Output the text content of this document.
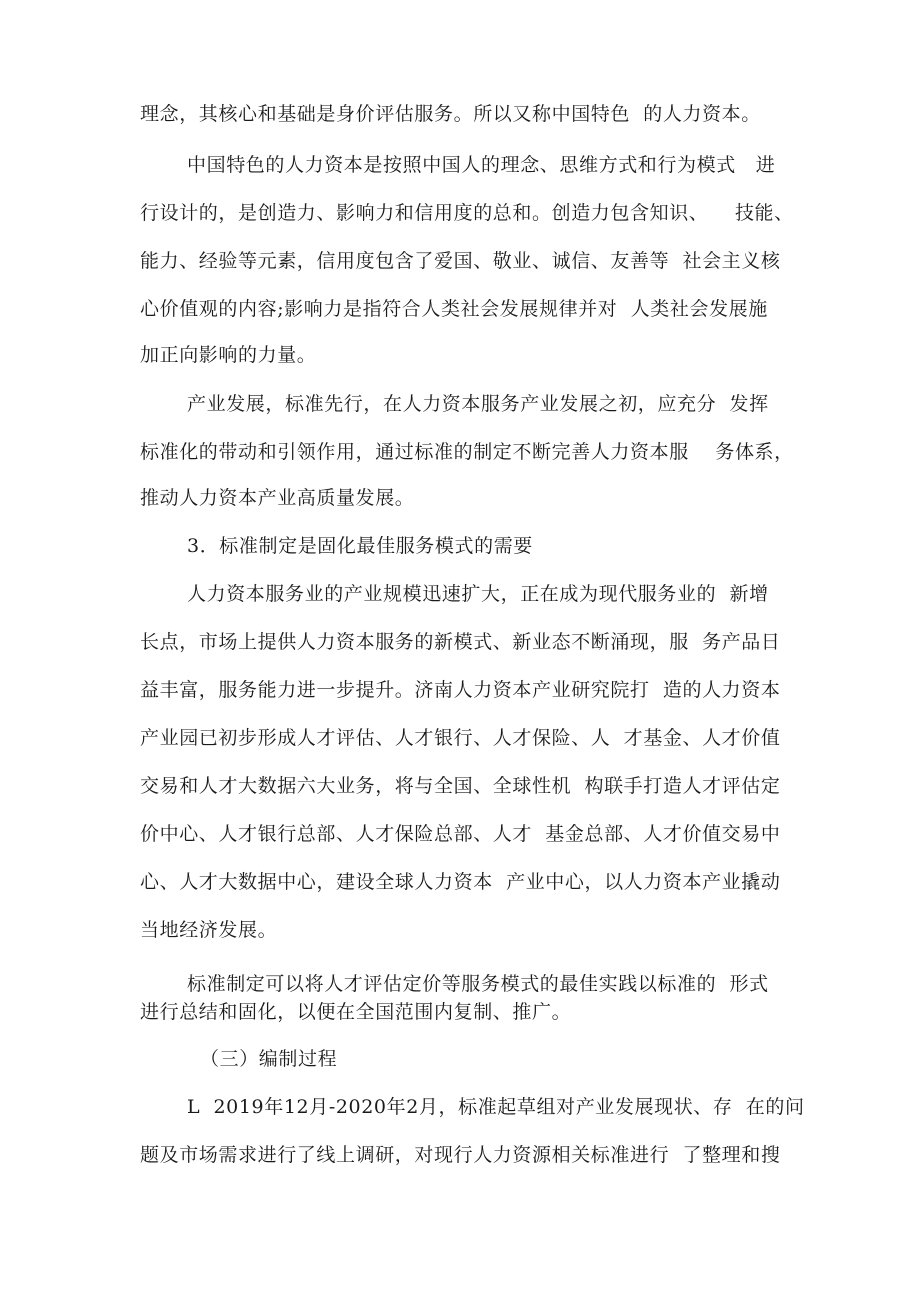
理念，其核心和基础是身价评估服务。所以又称中国特色  的人力资本。
中国特色的人力资本是按照中国人的理念、思维方式和行为模式   进
行设计的，是创造力、影响力和信用度的总和。创造力包含知识、    技能、
能力、经验等元素，信用度包含了爱国、敬业、诚信、友善等  社会主义核
心价值观的内容;影响力是指符合人类社会发展规律并对  人类社会发展施
加正向影响的力量。
产业发展，标准先行，在人力资本服务产业发展之初，应充分  发挥
标准化的带动和引领作用，通过标准的制定不断完善人力资本服    务体系，
推动人力资本产业高质量发展。
3．标准制定是固化最佳服务模式的需要
人力资本服务业的产业规模迅速扩大，正在成为现代服务业的  新增
长点，市场上提供人力资本服务的新模式、新业态不断涌现，服  务产品日
益丰富，服务能力进一步提升。济南人力资本产业研究院打  造的人力资本
产业园已初步形成人才评估、人才银行、人才保险、人  才基金、人才价值
交易和人才大数据六大业务，将与全国、全球性机  构联手打造人才评估定
价中心、人才银行总部、人才保险总部、人才  基金总部、人才价值交易中
心、人才大数据中心，建设全球人力资本  产业中心，以人力资本产业撬动
当地经济发展。
标准制定可以将人才评估定价等服务模式的最佳实践以标准的  形式
进行总结和固化，以便在全国范围内复制、推广。
（三）编制过程
L  2019年12月-2020年2月，标准起草组对产业发展现状、存  在的问
题及市场需求进行了线上调研，对现行人力资源相关标准进行  了整理和搜
